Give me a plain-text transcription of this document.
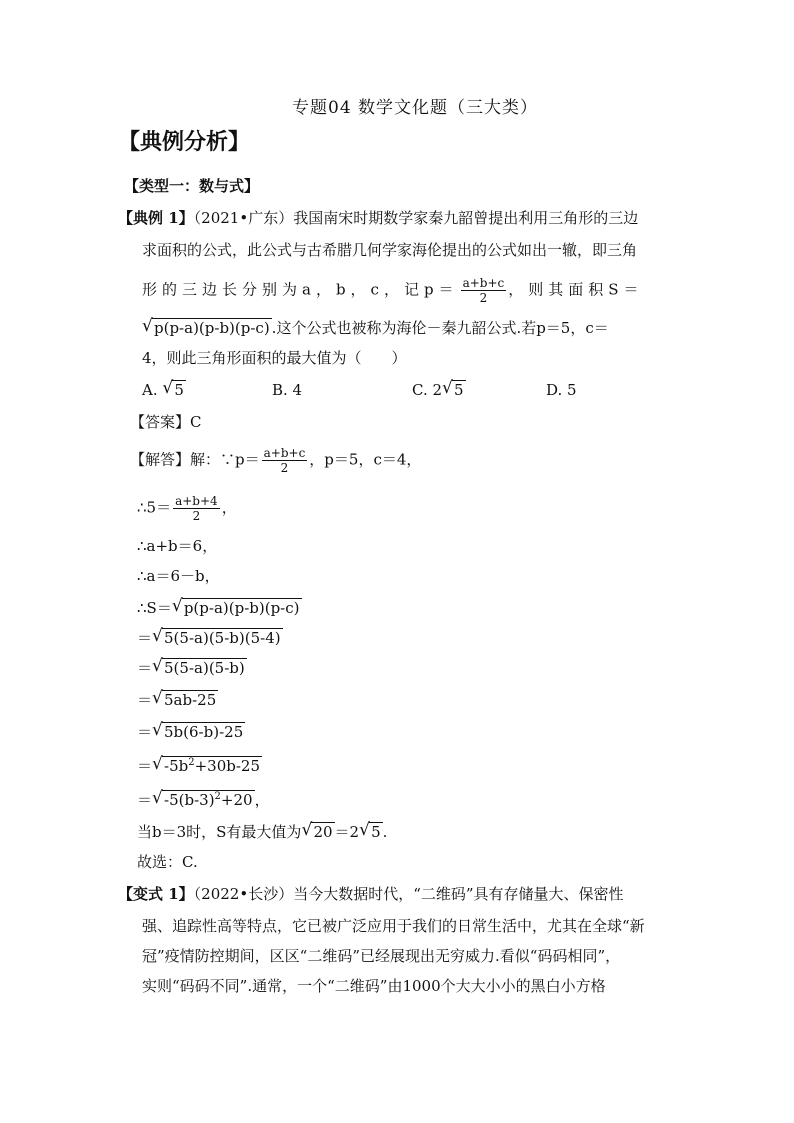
专题04 数学文化题（三大类）
【典例分析】
【类型一：数与式】
【典例 1】（2021•广东）我国南宋时期数学家秦九韶曾提出利用三角形的三边
求面积的公式，此公式与古希腊几何学家海伦提出的公式如出一辙，即三角
形的三边长分别为a，b，c，记$p= \frac{a+b+c}{2}$ ，则其面积S＝
√ p(p-a)(p-b)(p-c) .这个公式也被称为海伦－秦九韶公式.若p＝5，c＝
4，则此三角形面积的最大值为（　　）
A. √ 5	B. 4	C. 2 √ 5	D. 5
【答案】C
【解答】解：∵p＝ $\frac{a+b+c}{2}$ ，p＝5，c＝4，
∴5＝ $\frac{a+b+4}{2}$ ，
∴a+b＝6，
∴a＝6－b，
∴S＝ √ p(p-a)(p-b)(p-c)
＝ √ 5(5-a)(5-b)(5-4)
＝ √ 5(5-a)(5-b)
＝ √ 5ab-25
＝ √ 5b(6-b)-25
＝ √ $-5b^2+30b-25$
＝ √ $-5(b-3)^2+20$ ，
当b＝3时，S有最大值为 √ 20 ＝2 √ 5 .
故选：C.
【变式 1】（2022•长沙）当今大数据时代，“二维码”具有存储量大、保密性
强、追踪性高等特点，它已被广泛应用于我们的日常生活中，尤其在全球“新
冠”疫情防控期间，区区“二维码”已经展现出无穷威力.看似“码码相同”，
实则“码码不同”.通常，一个“二维码”由1000个大大小小的黑白小方格
